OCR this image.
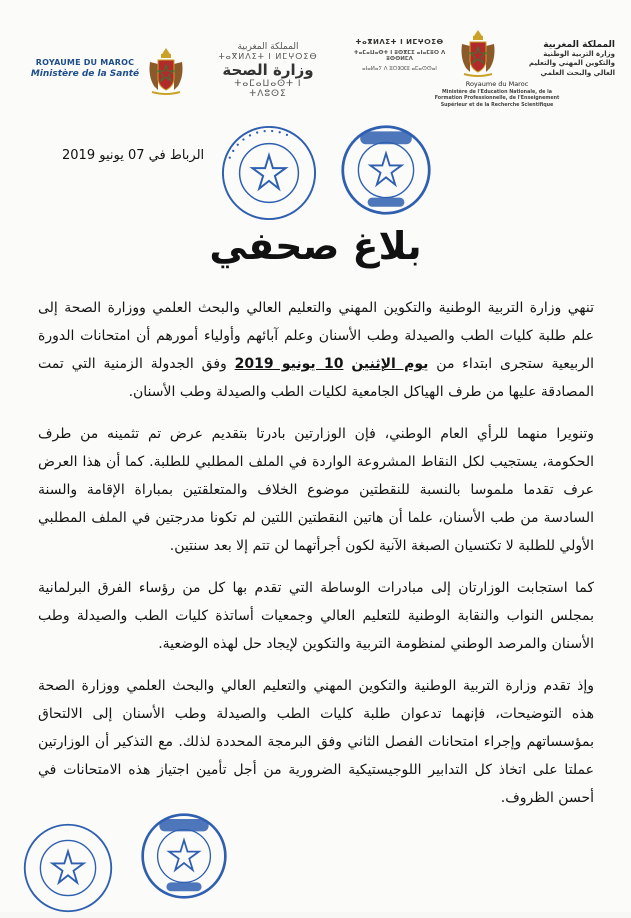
ROYAUME DU MAROC
Ministère de la Santé
المملكة المغربية
ⵜⴰⴳⵍⴷⵉⵜ ⵏ ⵍⵎⵖⵔⵉⴱ
وزارة الصحة
ⵜⴰⵎⴰⵡⴰⵙⵜ ⵏ ⵜⴷⵓⵙⵉ
ⵜⴰⴳⵍⴷⵉⵜ ⵏ ⵍⵎⵖⵔⵉⴱ
ⵜⴰⵎⴰⵡⴰⵙⵜ ⵏ ⵓⵙⴳⵎⵉ ⴰⵏⴰⵎⵓⵔ ⴷ ⵓⵙⵙⵍⵎⴷ
ⴰⵏⴰⵍⴰⵢ ⴷ ⵓⵔⵣⵣⵓ ⴰⵎⴰⵙⵙⴰⵏ
Royaume du Maroc
Ministère de l'Education Nationale, de la Formation Professionnelle, de l'Enseignement Supérieur et de la Recherche Scientifique
المملكة المغربية
وزارة التربية الوطنية والتكوين المهني والتعليم العالي والبحث العلمي
• • • • • • • • • •
الرباط في 07 يونيو 2019
بلاغ صحفي

تنهي وزارة التربية الوطنية والتكوين المهني والتعليم العالي والبحث العلمي ووزارة الصحة إلى علم طلبة كليات الطب والصيدلة وطب الأسنان وعلم آبائهم وأولياء أمورهم أن امتحانات الدورة الربيعية ستجرى ابتداء من يوم الإثنين 10 يونيو 2019 وفق الجدولة الزمنية التي تمت المصادقة عليها من طرف الهياكل الجامعية لكليات الطب والصيدلة وطب الأسنان.

وتنويرا منهما للرأي العام الوطني، فإن الوزارتين بادرتا بتقديم عرض تم تثمينه من طرف الحكومة، يستجيب لكل النقاط المشروعة الواردة في الملف المطلبي للطلبة. كما أن هذا العرض عرف تقدما ملموسا بالنسبة للنقطتين موضوع الخلاف والمتعلقتين بمباراة الإقامة والسنة السادسة من طب الأسنان، علما أن هاتين النقطتين اللتين لم تكونا مدرجتين في الملف المطلبي الأولي للطلبة لا تكتسيان الصبغة الآنية لكون أجرأتهما لن تتم إلا بعد سنتين.

كما استجابت الوزارتان إلى مبادرات الوساطة التي تقدم بها كل من رؤساء الفرق البرلمانية بمجلس النواب والنقابة الوطنية للتعليم العالي وجمعيات أساتذة كليات الطب والصيدلة وطب الأسنان والمرصد الوطني لمنظومة التربية والتكوين لإيجاد حل لهذه الوضعية.

وإذ تقدم وزارة التربية الوطنية والتكوين المهني والتعليم العالي والبحث العلمي ووزارة الصحة هذه التوضيحات، فإنهما تدعوان طلبة كليات الطب والصيدلة وطب الأسنان إلى الالتحاق بمؤسساتهم وإجراء امتحانات الفصل الثاني وفق البرمجة المحددة لذلك. مع التذكير أن الوزارتين عملتا على اتخاذ كل التدابير اللوجيستيكية الضرورية من أجل تأمين اجتياز هذه الامتحانات في أحسن الظروف.
